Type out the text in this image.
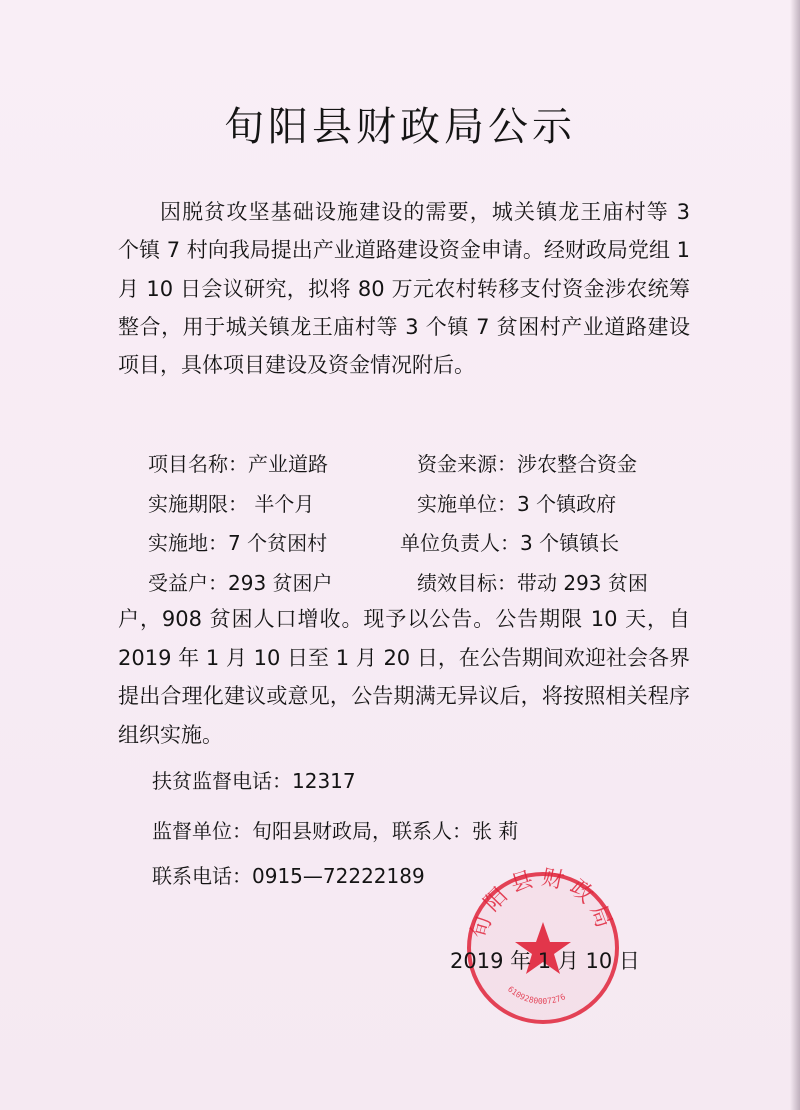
旬阳县财政局公示

因脱贫攻坚基础设施建设的需要，城关镇龙王庙村等 3 个镇 7 村向我局提出产业道路建设资金申请。经财政局党组 1 月 10 日会议研究，拟将 80 万元农村转移支付资金涉农统筹整合，用于城关镇龙王庙村等 3 个镇 7 贫困村产业道路建设项目，具体项目建设及资金情况附后。

项目名称：产业道路	资金来源：涉农整合资金
实施期限： 半个月	实施单位：3 个镇政府
实施地：7 个贫困村	单位负责人：3 个镇镇长
受益户：293 贫困户	绩效目标：带动 293 贫困
户，908 贫困人口增收。现予以公告。公告期限 10 天，自 2019 年 1 月 10 日至 1 月 20 日，在公告期间欢迎社会各界提出合理化建议或意见，公告期满无异议后，将按照相关程序组织实施。
扶贫监督电话：12317
监督单位：旬阳县财政局，联系人：张 莉
联系电话：0915—72222189
旬阳县财政局
6109280007276
2019 年 1 月 10 日
